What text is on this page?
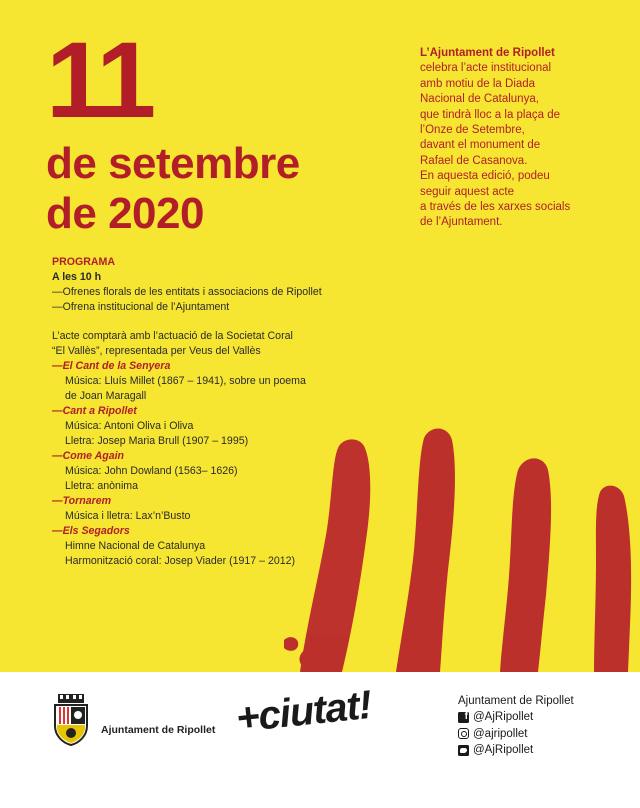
11
de setembre
de 2020
L’Ajuntament de Ripollet
celebra l’acte institucional
amb motiu de la Diada
Nacional de Catalunya,
que tindrà lloc a la plaça de
l’Onze de Setembre,
davant el monument de
Rafael de Casanova.
En aquesta edició, podeu
seguir aquest acte
a través de les xarxes socials
de l’Ajuntament.
PROGRAMA
A les 10 h
—Ofrenes florals de les entitats i associacions de Ripollet
—Ofrena institucional de l’Ajuntament
L’acte comptarà amb l’actuació de la Societat Coral
“El Vallès”, representada per Veus del Vallès
—El Cant de la Senyera
Música: Lluís Millet (1867 – 1941), sobre un poema
de Joan Maragall
—Cant a Ripollet
Música: Antoni Oliva i Oliva
Lletra: Josep Maria Brull (1907 – 1995)
—Come Again
Música: John Dowland (1563– 1626)
Lletra: anònima
—Tornarem
Música i lletra: Lax’n’Busto
—Els Segadors
Himne Nacional de Catalunya
Harmonització coral: Josep Viader (1917 – 2012)
Ajuntament de Ripollet +ciutat!	Ajuntament de Ripollet
f
@AjRipollet
@ajripollet
@AjRipollet
